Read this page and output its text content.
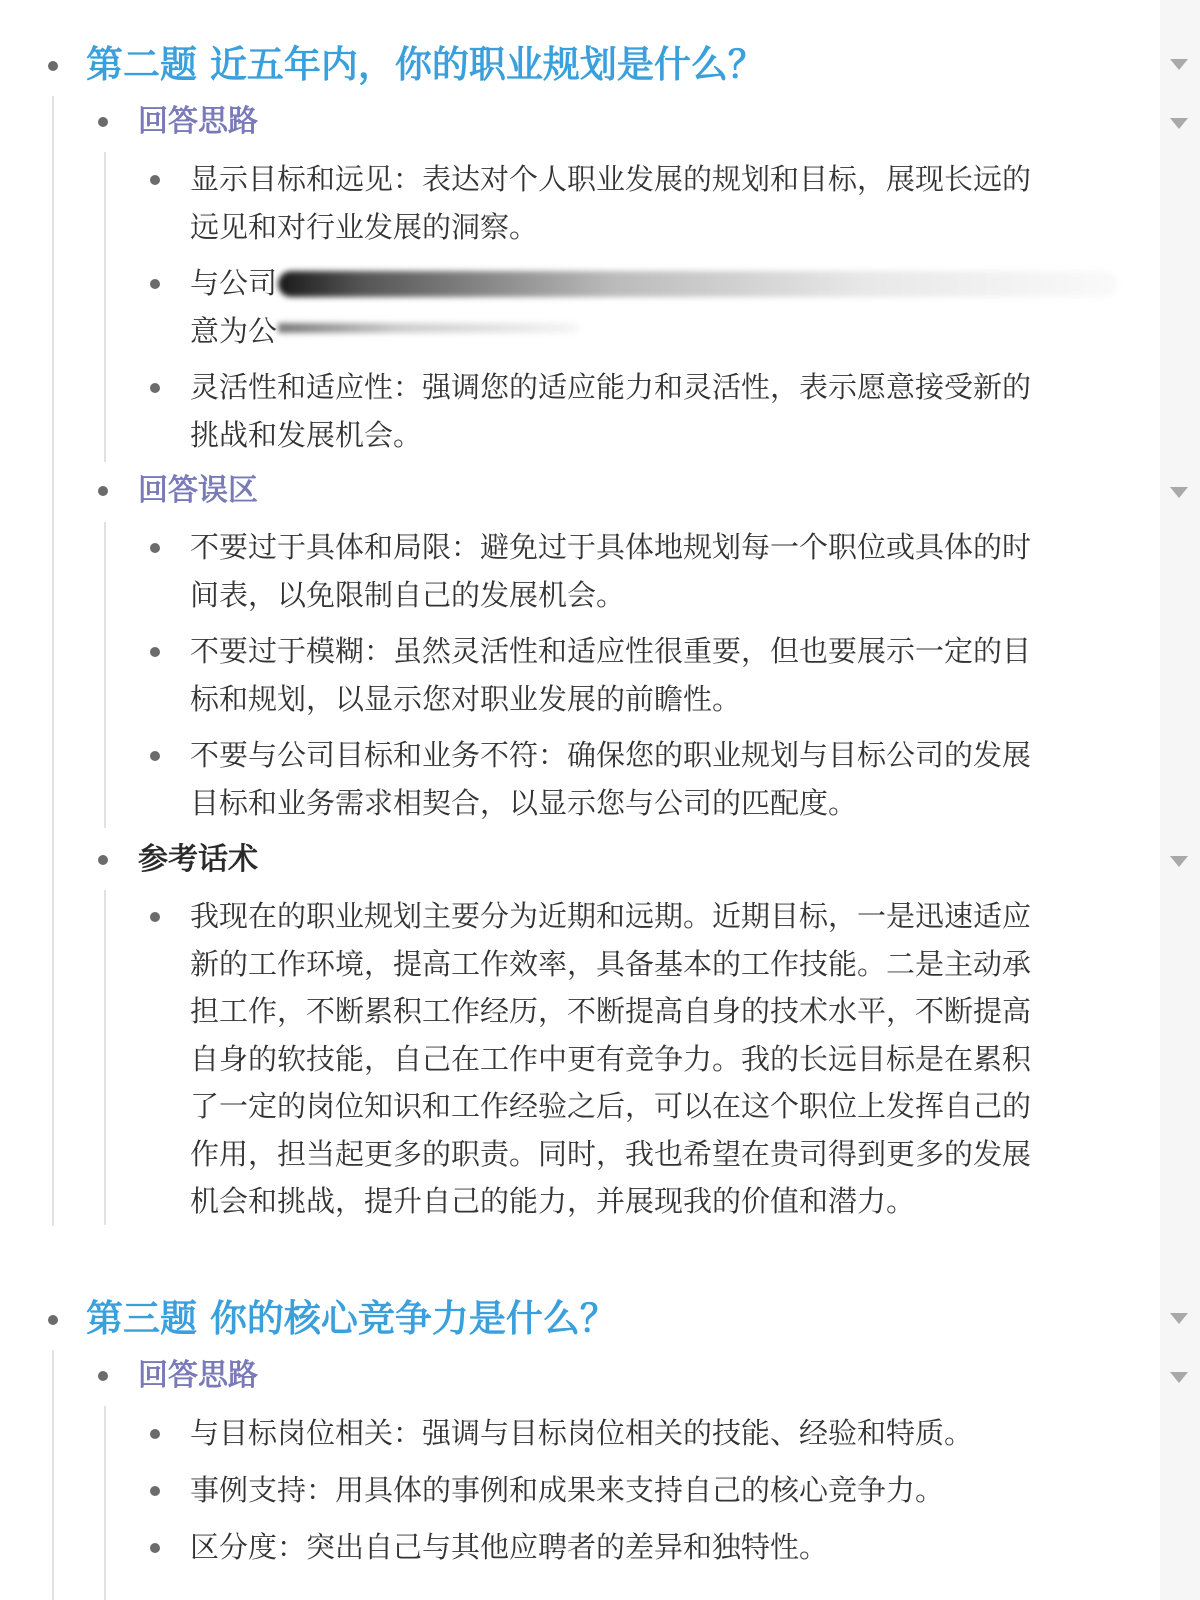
第二题 近五年内，你的职业规划是什么？
回答思路
显示目标和远见：表达对个人职业发展的规划和目标，展现长远的
远见和对行业发展的洞察。
与公司
意为公
灵活性和适应性：强调您的适应能力和灵活性，表示愿意接受新的
挑战和发展机会。
回答误区
不要过于具体和局限：避免过于具体地规划每一个职位或具体的时
间表，以免限制自己的发展机会。
不要过于模糊：虽然灵活性和适应性很重要，但也要展示一定的目
标和规划，以显示您对职业发展的前瞻性。
不要与公司目标和业务不符：确保您的职业规划与目标公司的发展
目标和业务需求相契合，以显示您与公司的匹配度。
参考话术
我现在的职业规划主要分为近期和远期。近期目标，一是迅速适应
新的工作环境，提高工作效率，具备基本的工作技能。二是主动承
担工作，不断累积工作经历，不断提高自身的技术水平，不断提高
自身的软技能，自己在工作中更有竞争力。我的长远目标是在累积
了一定的岗位知识和工作经验之后，可以在这个职位上发挥自己的
作用，担当起更多的职责。同时，我也希望在贵司得到更多的发展
机会和挑战，提升自己的能力，并展现我的价值和潜力。
第三题 你的核心竞争力是什么？
回答思路
与目标岗位相关：强调与目标岗位相关的技能、经验和特质。
事例支持：用具体的事例和成果来支持自己的核心竞争力。
区分度：突出自己与其他应聘者的差异和独特性。
